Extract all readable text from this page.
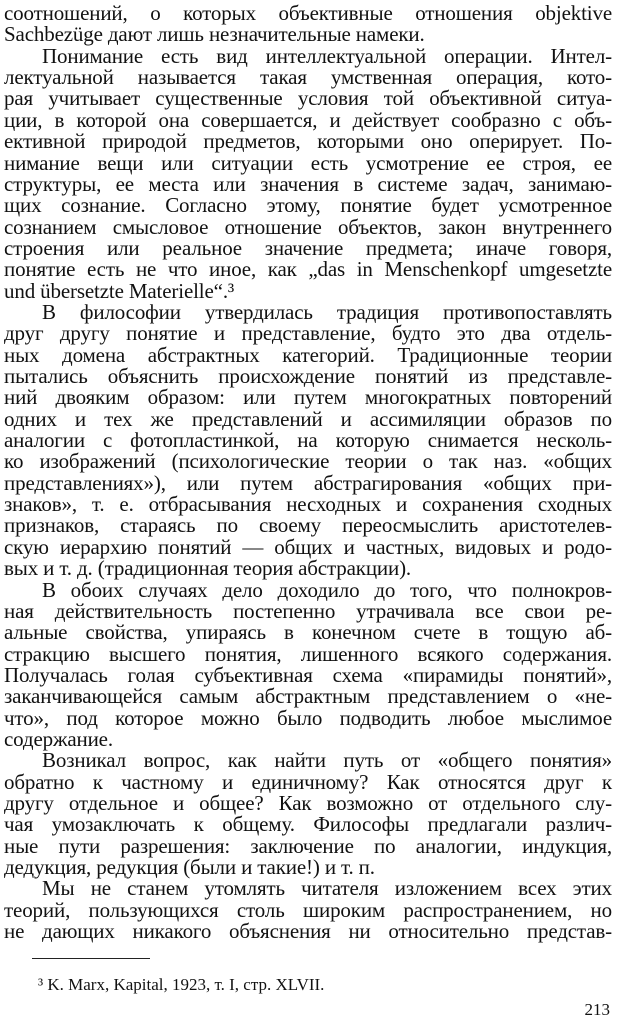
соотношений, о которых объективные отношения objektive
Sachbezüge дают лишь незначительные намеки.
Понимание есть вид интеллектуальной операции. Интел-
лектуальной называется такая умственная операция, кото-
рая учитывает существенные условия той объективной ситуа-
ции, в которой она совершается, и действует сообразно с объ-
ективной природой предметов, которыми оно оперирует. По-
нимание вещи или ситуации есть усмотрение ее строя, ее
структуры, ее места или значения в системе задач, занимаю-
щих сознание. Согласно этому, понятие будет усмотренное
сознанием смысловое отношение объектов, закон внутреннего
строения или реальное значение предмета; иначе говоря,
понятие есть не что иное, как „das in Menschenkopf umgesetzte
und übersetzte Materielle“.³
В философии утвердилась традиция противопоставлять
друг другу понятие и представление, будто это два отдель-
ных домена абстрактных категорий. Традиционные теории
пытались объяснить происхождение понятий из представле-
ний двояким образом: или путем многократных повторений
одних и тех же представлений и ассимиляции образов по
аналогии с фотопластинкой, на которую снимается несколь-
ко изображений (психологические теории о так наз. «общих
представлениях»), или путем абстрагирования «общих при-
знаков», т. е. отбрасывания несходных и сохранения сходных
признаков, стараясь по своему переосмыслить аристотелев-
скую иерархию понятий — общих и частных, видовых и родо-
вых и т. д. (традиционная теория абстракции).
В обоих случаях дело доходило до того, что полнокров-
ная действительность постепенно утрачивала все свои ре-
альные свойства, упираясь в конечном счете в тощую аб-
стракцию высшего понятия, лишенного всякого содержания.
Получалась голая субъективная схема «пирамиды понятий»,
заканчивающейся самым абстрактным представлением о «не-
что», под которое можно было подводить любое мыслимое
содержание.
Возникал вопрос, как найти путь от «общего понятия»
обратно к частному и единичному? Как относятся друг к
другу отдельное и общее? Как возможно от отдельного слу-
чая умозаключать к общему. Философы предлагали различ-
ные пути разрешения: заключение по аналогии, индукция,
дедукция, редукция (были и такие!) и т. п.
Мы не станем утомлять читателя изложением всех этих
теорий, пользующихся столь широким распространением, но
не дающих никакого объяснения ни относительно представ-
³ K. Marx, Kapital, 1923, т. I, стр. XLVII.
213
